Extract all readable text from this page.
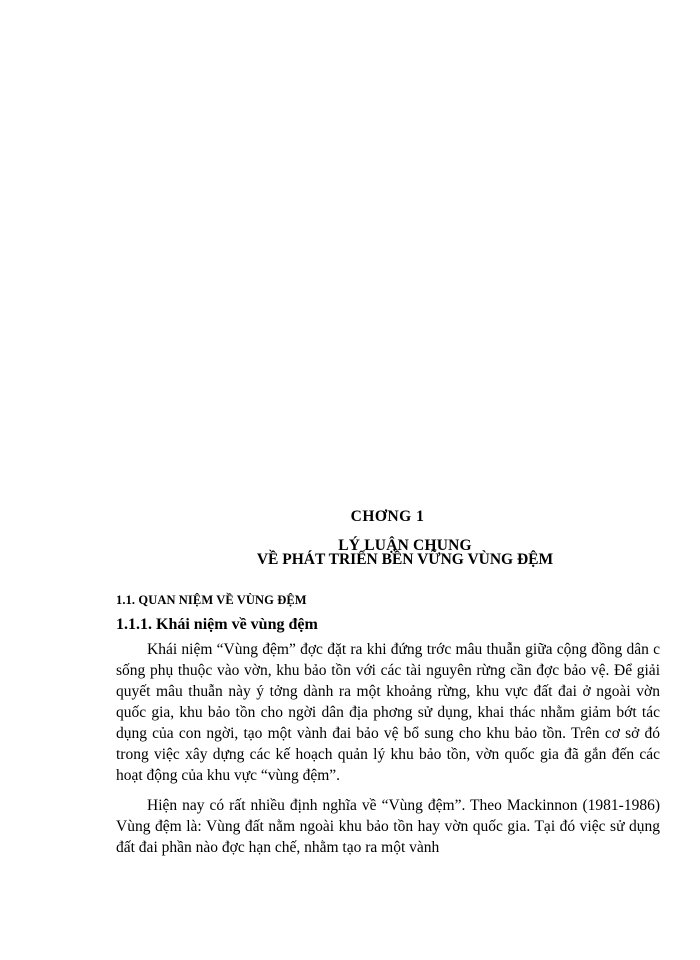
CHƠNG 1
LÝ LUẬN CHUNG
VỀ PHÁT TRIỂN BỀN VỮNG VÙNG ĐỆM
1.1. QUAN NIỆM VỀ VÙNG ĐỆM
1.1.1. Khái niệm về vùng đệm

Khái niệm “Vùng đệm” đợc đặt ra khi đứng trớc mâu thuẫn giữa cộng đồng dân c sống phụ thuộc vào vờn, khu bảo tồn với các tài nguyên rừng cần đợc bảo vệ. Để giải quyết mâu thuẫn này ý tởng dành ra một khoảng rừng, khu vực đất đai ở ngoài vờn quốc gia, khu bảo tồn cho ngời dân địa phơng sử dụng, khai thác nhằm giảm bớt tác dụng của con ngời, tạo một vành đai bảo vệ bổ sung cho khu bảo tồn. Trên cơ sở đó trong việc xây dựng các kế hoạch quản lý khu bảo tồn, vờn quốc gia đã gắn đến các hoạt động của khu vực “vùng đệm”.

Hiện nay có rất nhiều định nghĩa về “Vùng đệm”. Theo Mackinnon (1981-1986) Vùng đệm là: Vùng đất nằm ngoài khu bảo tồn hay vờn quốc gia. Tại đó việc sử dụng đất đai phần nào đợc hạn chế, nhằm tạo ra một vành
